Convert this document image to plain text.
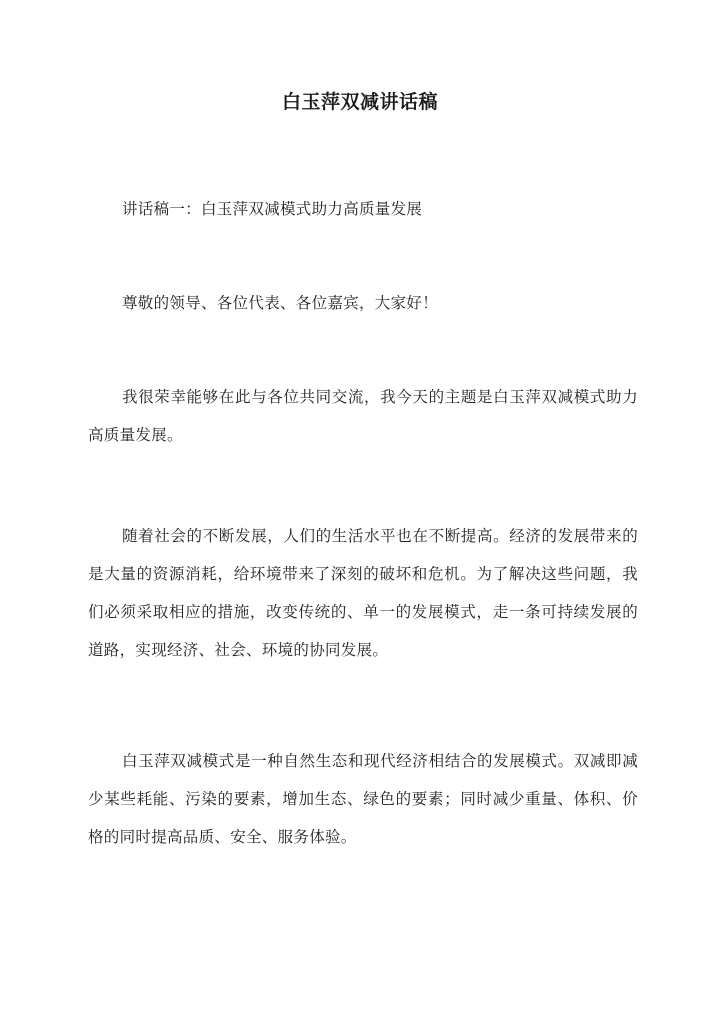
白玉萍双减讲话稿

讲话稿一：白玉萍双减模式助力高质量发展

尊敬的领导、各位代表、各位嘉宾，大家好！

我很荣幸能够在此与各位共同交流，我今天的主题是白玉萍双减模式助力高质量发展。

随着社会的不断发展，人们的生活水平也在不断提高。经济的发展带来的是大量的资源消耗，给环境带来了深刻的破坏和危机。为了解决这些问题，我们必须采取相应的措施，改变传统的、单一的发展模式，走一条可持续发展的道路，实现经济、社会、环境的协同发展。

白玉萍双减模式是一种自然生态和现代经济相结合的发展模式。双减即减少某些耗能、污染的要素，增加生态、绿色的要素；同时减少重量、体积、价格的同时提高品质、安全、服务体验。
